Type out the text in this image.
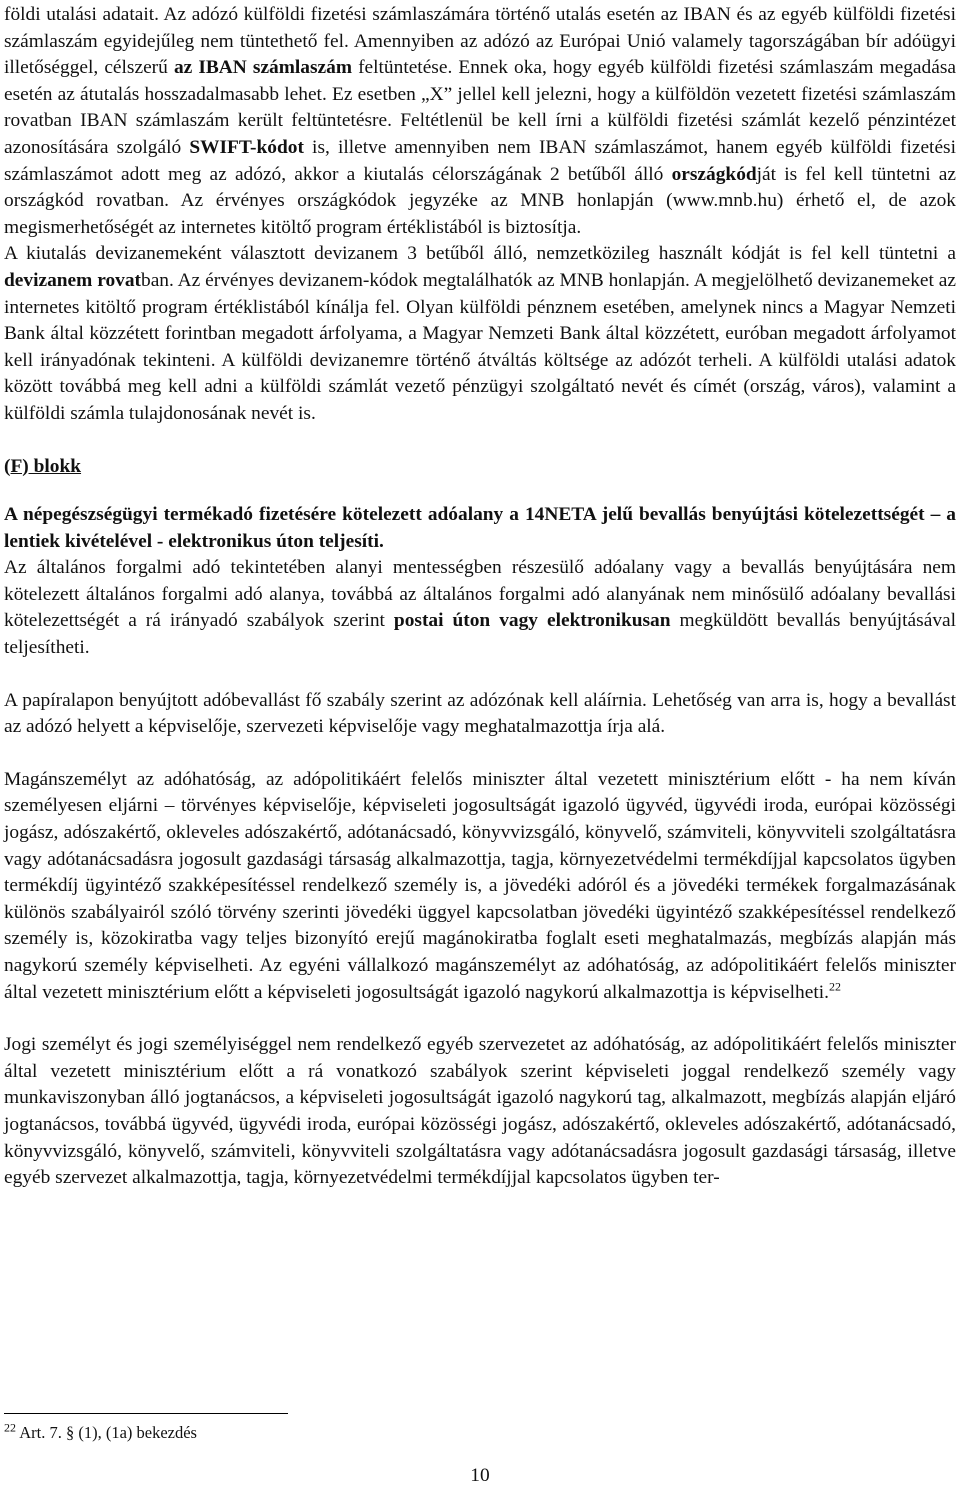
földi utalási adatait. Az adózó külföldi fizetési számlaszámára történő utalás esetén az IBAN és az egyéb külföldi fizetési számlaszám egyidejűleg nem tüntethető fel. Amennyiben az adózó az Európai Unió valamely tagországában bír adóügyi illetőséggel, célszerű az IBAN számlaszám feltüntetése. Ennek oka, hogy egyéb külföldi fizetési számlaszám megadása esetén az átutalás hosszadalmasabb lehet. Ez esetben „X” jellel kell jelezni, hogy a külföldön vezetett fizetési számlaszám rovatban IBAN számlaszám került feltüntetésre. Feltétlenül be kell írni a külföldi fizetési számlát kezelő pénzintézet azonosítására szolgáló SWIFT-kódot is, illetve amennyiben nem IBAN számlaszámot, hanem egyéb külföldi fizetési számlaszámot adott meg az adózó, akkor a kiutalás célországának 2 betűből álló országkódját is fel kell tüntetni az országkód rovatban. Az érvényes országkódok jegyzéke az MNB honlapján (www.mnb.hu) érhető el, de azok megismerhetőségét az internetes kitöltő program értéklistából is biztosítja.

A kiutalás devizanemeként választott devizanem 3 betűből álló, nemzetközileg használt kódját is fel kell tüntetni a devizanem rovatban. Az érvényes devizanem-kódok megtalálhatók az MNB honlapján. A megjelölhető devizanemeket az internetes kitöltő program értéklistából kínálja fel. Olyan külföldi pénznem esetében, amelynek nincs a Magyar Nemzeti Bank által közzétett forintban megadott árfolyama, a Magyar Nemzeti Bank által közzétett, euróban megadott árfolyamot kell irányadónak tekinteni. A külföldi devizanemre történő átváltás költsége az adózót terheli. A külföldi utalási adatok között továbbá meg kell adni a külföldi számlát vezető pénzügyi szolgáltató nevét és címét (ország, város), valamint a külföldi számla tulajdonosának nevét is.

(F) blokk

A népegészségügyi termékadó fizetésére kötelezett adóalany a 14NETA jelű bevallás benyújtási kötelezettségét – a lentiek kivételével - elektronikus úton teljesíti.

Az általános forgalmi adó tekintetében alanyi mentességben részesülő adóalany vagy a bevallás benyújtására nem kötelezett általános forgalmi adó alanya, továbbá az általános forgalmi adó alanyának nem minősülő adóalany bevallási kötelezettségét a rá irányadó szabályok szerint postai úton vagy elektronikusan megküldött bevallás benyújtásával teljesítheti.

A papíralapon benyújtott adóbevallást fő szabály szerint az adózónak kell aláírnia. Lehetőség van arra is, hogy a bevallást az adózó helyett a képviselője, szervezeti képviselője vagy meghatalmazottja írja alá.

Magánszemélyt az adóhatóság, az adópolitikáért felelős miniszter által vezetett minisztérium előtt - ha nem kíván személyesen eljárni – törvényes képviselője, képviseleti jogosultságát igazoló ügyvéd, ügyvédi iroda, európai közösségi jogász, adószakértő, okleveles adószakértő, adótanácsadó, könyvvizsgáló, könyvelő, számviteli, könyvviteli szolgáltatásra vagy adótanácsadásra jogosult gazdasági társaság alkalmazottja, tagja, környezetvédelmi termékdíjjal kapcsolatos ügyben termékdíj ügyintéző szakképesítéssel rendelkező személy is, a jövedéki adóról és a jövedéki termékek forgalmazásának különös szabályairól szóló törvény szerinti jövedéki üggyel kapcsolatban jövedéki ügyintéző szakképesítéssel rendelkező személy is, közokiratba vagy teljes bizonyító erejű magánokiratba foglalt eseti meghatalmazás, megbízás alapján más nagykorú személy képviselheti. Az egyéni vállalkozó magánszemélyt az adóhatóság, az adópolitikáért felelős miniszter által vezetett minisztérium előtt a képviseleti jogosultságát igazoló nagykorú alkalmazottja is képviselheti.$^{22}$

Jogi személyt és jogi személyiséggel nem rendelkező egyéb szervezetet az adóhatóság, az adópolitikáért felelős miniszter által vezetett minisztérium előtt a rá vonatkozó szabályok szerint képviseleti joggal rendelkező személy vagy munkaviszonyban álló jogtanácsos, a képviseleti jogosultságát igazoló nagykorú tag, alkalmazott, megbízás alapján eljáró jogtanácsos, továbbá ügyvéd, ügyvédi iroda, európai közösségi jogász, adószakértő, okleveles adószakértő, adótanácsadó, könyvvizsgáló, könyvelő, számviteli, könyvviteli szolgáltatásra vagy adótanácsadásra jogosult gazdasági társaság, illetve egyéb szervezet alkalmazottja, tagja, környezetvédelmi termékdíjjal kapcsolatos ügyben ter-

$^{22}$ Art. 7. § (1), (1a) bekezdés
10
